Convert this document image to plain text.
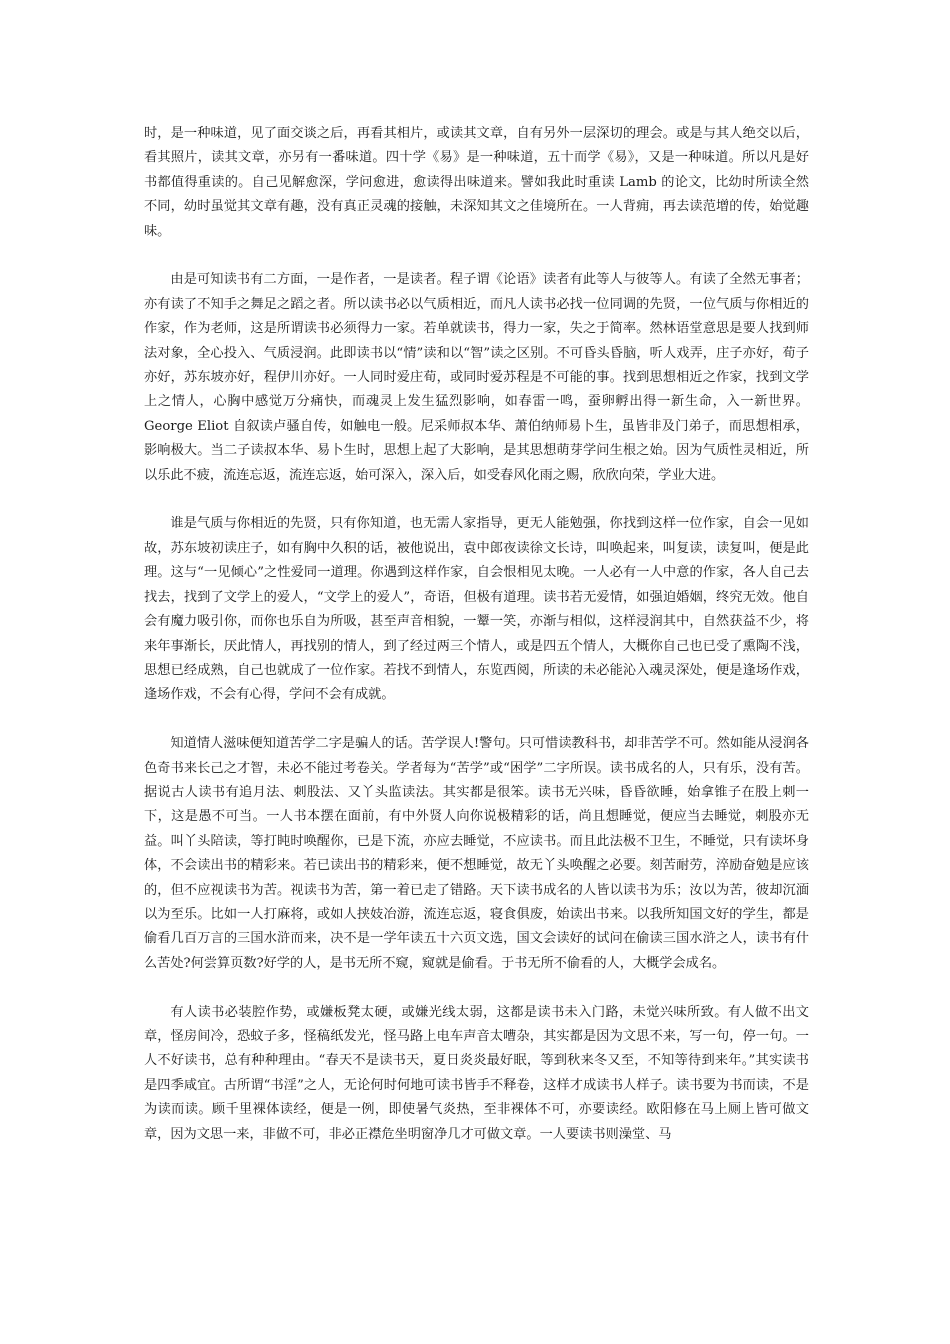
时，是一种味道，见了面交谈之后，再看其相片，或读其文章，自有另外一层深切的理会。或是与其人绝交以后，看其照片，读其文章，亦另有一番味道。四十学《易》是一种味道，五十而学《易》，又是一种味道。所以凡是好书都值得重读的。自己见解愈深，学问愈进，愈读得出味道来。譬如我此时重读 Lamb 的论文，比幼时所读全然不同，幼时虽觉其文章有趣，没有真正灵魂的接触，未深知其文之佳境所在。一人背痈，再去读范增的传，始觉趣味。

由是可知读书有二方面，一是作者，一是读者。程子谓《论语》读者有此等人与彼等人。有读了全然无事者；亦有读了不知手之舞足之蹈之者。所以读书必以气质相近，而凡人读书必找一位同调的先贤，一位气质与你相近的作家，作为老师，这是所谓读书必须得力一家。若单就读书，得力一家，失之于简率。然林语堂意思是要人找到师法对象，全心投入、气质浸润。此即读书以“情”读和以“智”读之区别。不可昏头昏脑，听人戏弄，庄子亦好，荀子亦好，苏东坡亦好，程伊川亦好。一人同时爱庄荀，或同时爱苏程是不可能的事。找到思想相近之作家，找到文学上之情人，心胸中感觉万分痛快，而魂灵上发生猛烈影响，如春雷一鸣，蚕卵孵出得一新生命，入一新世界。George Eliot 自叙读卢骚自传，如触电一般。尼采师叔本华、萧伯纳师易卜生，虽皆非及门弟子，而思想相承，影响极大。当二子读叔本华、易卜生时，思想上起了大影响，是其思想萌芽学问生根之始。因为气质性灵相近，所以乐此不疲，流连忘返，流连忘返，始可深入，深入后，如受春风化雨之赐，欣欣向荣，学业大进。

谁是气质与你相近的先贤，只有你知道，也无需人家指导，更无人能勉强，你找到这样一位作家，自会一见如故，苏东坡初读庄子，如有胸中久积的话，被他说出，袁中郎夜读徐文长诗，叫唤起来，叫复读，读复叫，便是此理。这与“一见倾心”之性爱同一道理。你遇到这样作家，自会恨相见太晚。一人必有一人中意的作家，各人自己去找去，找到了文学上的爱人，“文学上的爱人”，奇语，但极有道理。读书若无爱情，如强迫婚姻，终究无效。他自会有魔力吸引你，而你也乐自为所吸，甚至声音相貌，一颦一笑，亦渐与相似，这样浸润其中，自然获益不少，将来年事渐长，厌此情人，再找别的情人，到了经过两三个情人，或是四五个情人，大概你自己也已受了熏陶不浅，思想已经成熟，自己也就成了一位作家。若找不到情人，东览西阅，所读的未必能沁入魂灵深处，便是逢场作戏，逢场作戏，不会有心得，学问不会有成就。

知道情人滋味便知道苦学二字是骗人的话。苦学误人!警句。只可惜读教科书，却非苦学不可。然如能从浸润各色奇书来长己之才智，未必不能过考卷关。学者每为“苦学”或“困学”二字所误。读书成名的人，只有乐，没有苦。据说古人读书有追月法、刺股法、又丫头监读法。其实都是很笨。读书无兴味，昏昏欲睡，始拿锥子在股上刺一下，这是愚不可当。一人书本摆在面前，有中外贤人向你说极精彩的话，尚且想睡觉，便应当去睡觉，刺股亦无益。叫丫头陪读，等打盹时唤醒你，已是下流，亦应去睡觉，不应读书。而且此法极不卫生，不睡觉，只有读坏身体，不会读出书的精彩来。若已读出书的精彩来，便不想睡觉，故无丫头唤醒之必要。刻苦耐劳，淬励奋勉是应该的，但不应视读书为苦。视读书为苦，第一着已走了错路。天下读书成名的人皆以读书为乐；汝以为苦，彼却沉湎以为至乐。比如一人打麻将，或如人挟妓冶游，流连忘返，寝食俱废，始读出书来。以我所知国文好的学生，都是偷看几百万言的三国水浒而来，决不是一学年读五十六页文选，国文会读好的试问在偷读三国水浒之人，读书有什么苦处?何尝算页数?好学的人，是书无所不窥，窥就是偷看。于书无所不偷看的人，大概学会成名。

有人读书必装腔作势，或嫌板凳太硬，或嫌光线太弱，这都是读书未入门路，未觉兴味所致。有人做不出文章，怪房间冷，恐蚊子多，怪稿纸发光，怪马路上电车声音太嘈杂，其实都是因为文思不来，写一句，停一句。一人不好读书，总有种种理由。“春天不是读书天，夏日炎炎最好眠，等到秋来冬又至，不知等待到来年。”其实读书是四季咸宜。古所谓“书淫”之人，无论何时何地可读书皆手不释卷，这样才成读书人样子。读书要为书而读，不是为读而读。顾千里裸体读经，便是一例，即使暑气炎热，至非裸体不可，亦要读经。欧阳修在马上厕上皆可做文章，因为文思一来，非做不可，非必正襟危坐明窗净几才可做文章。一人要读书则澡堂、马
